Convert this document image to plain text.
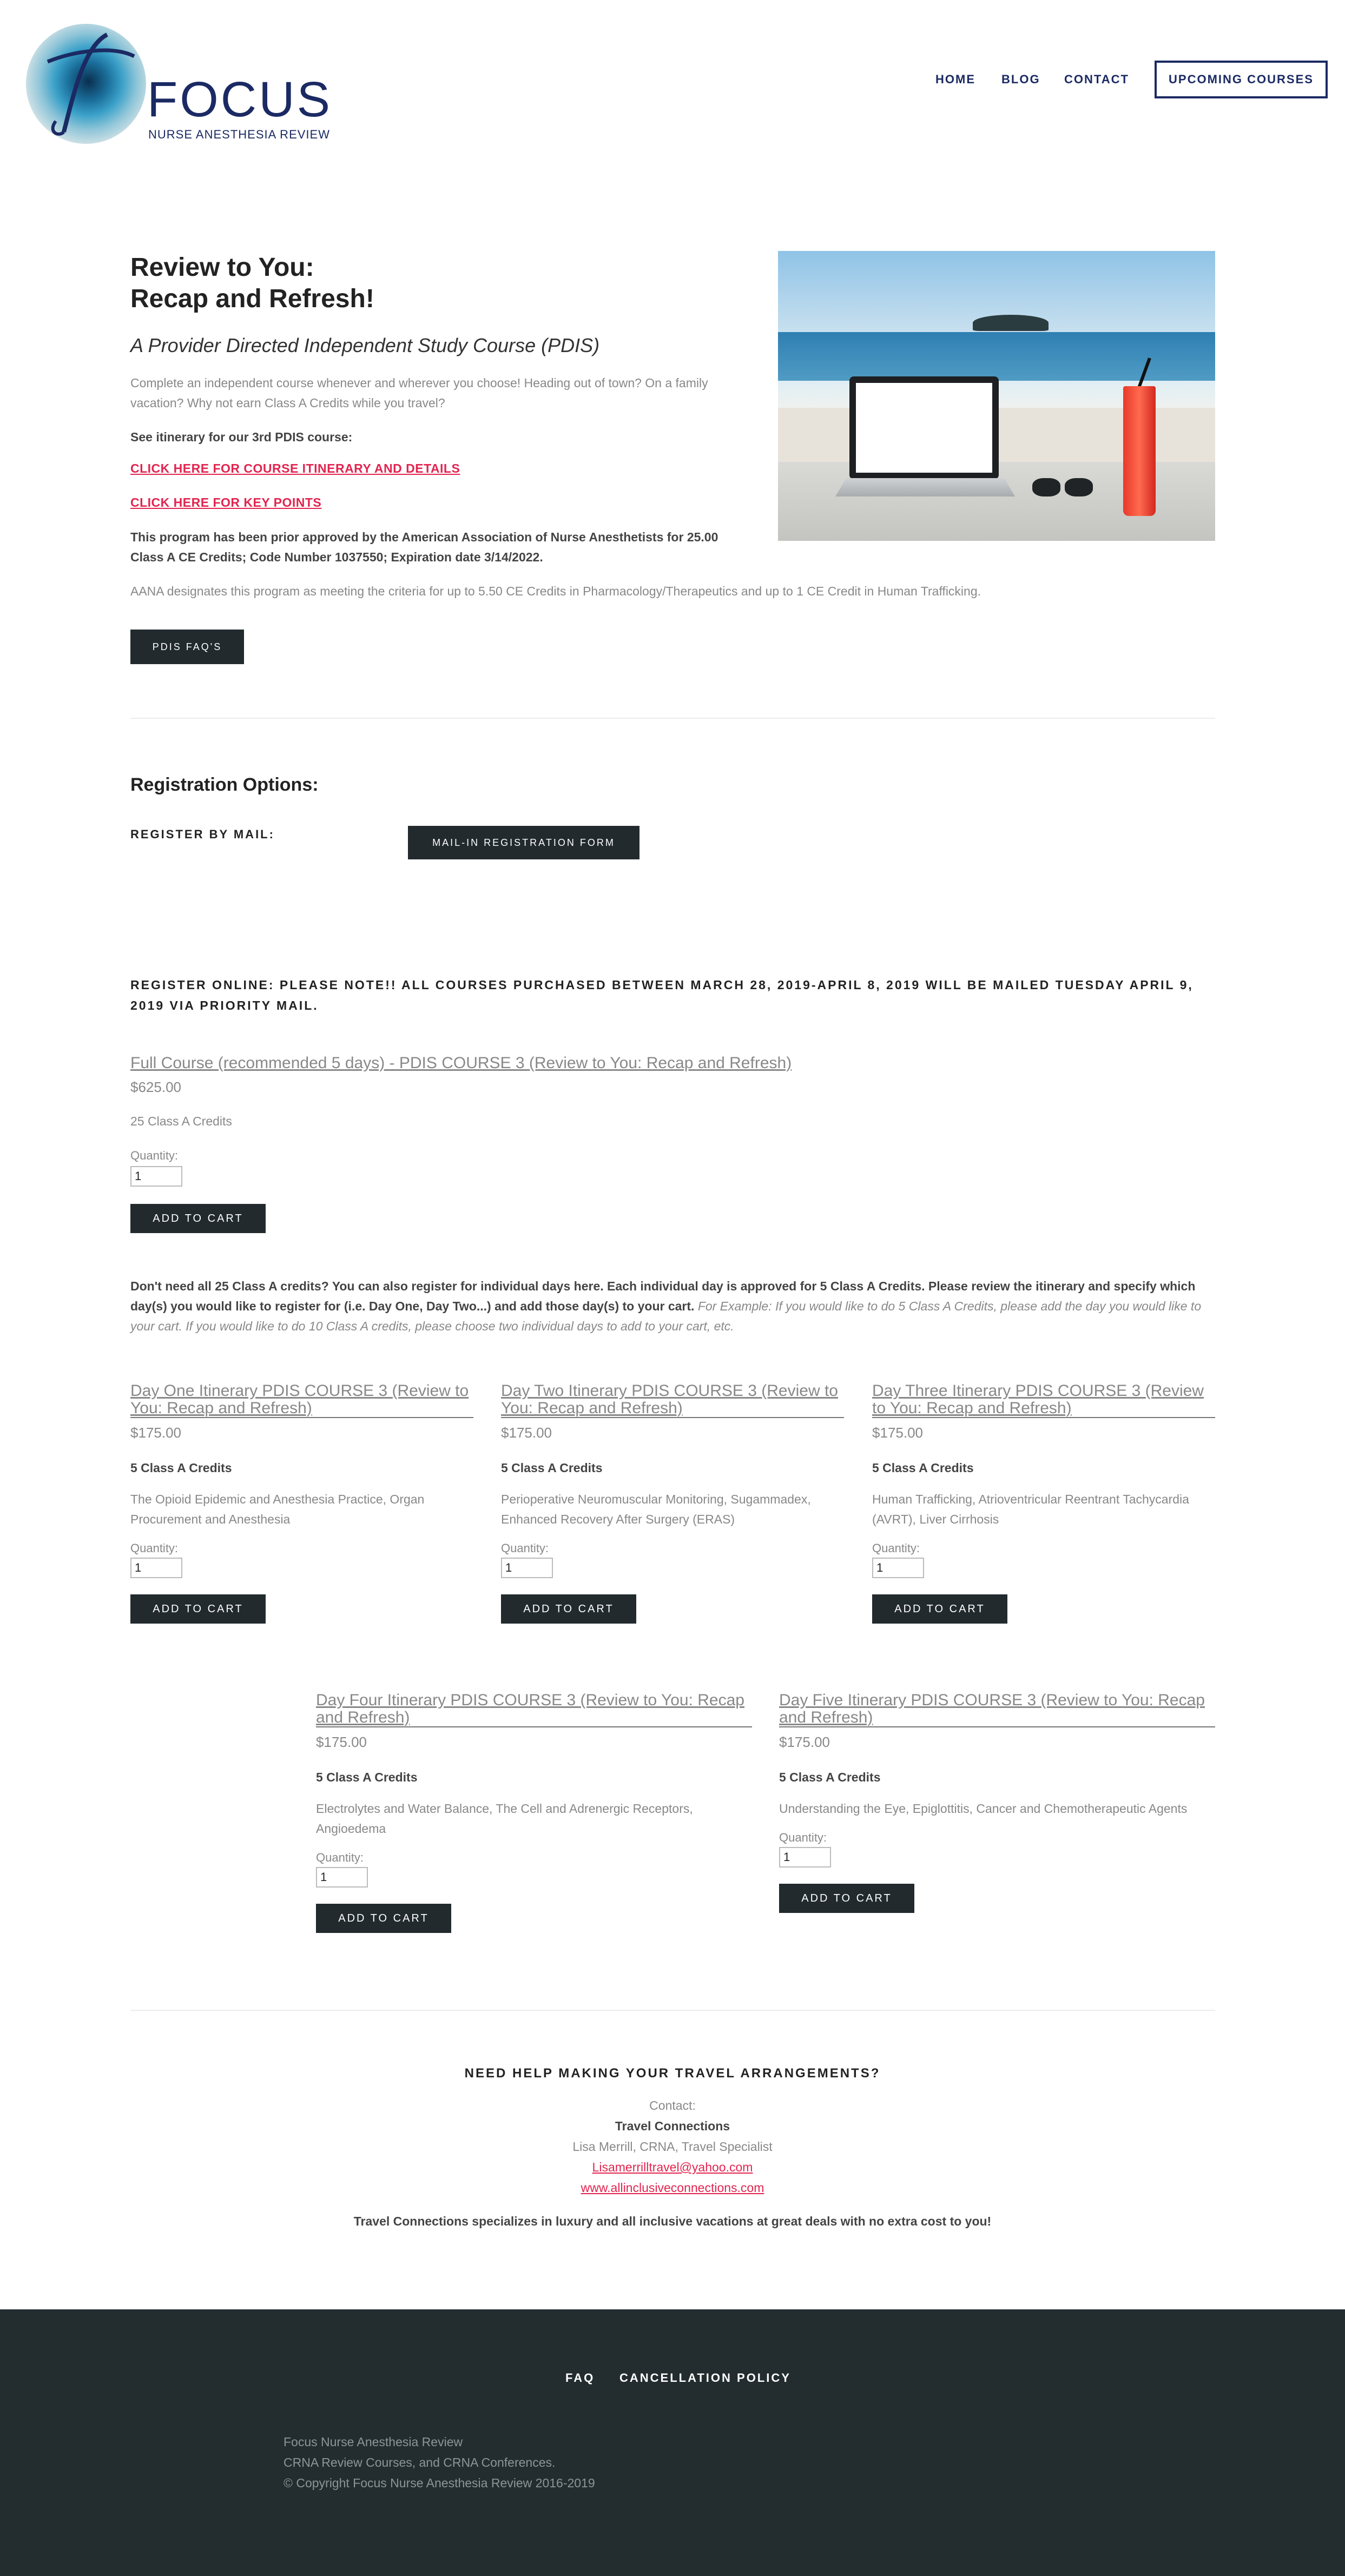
FOCUS
NURSE ANESTHESIA REVIEW
HOME BLOG CONTACT	UPCOMING COURSES
Review to You:
Recap and Refresh!
A Provider Directed Independent Study Course (PDIS)
Complete an independent course whenever and wherever you choose! Heading out of town? On a family vacation? Why not earn Class A Credits while you travel?
See itinerary for our 3rd PDIS course:
CLICK HERE FOR COURSE ITINERARY AND DETAILS
CLICK HERE FOR KEY POINTS
This program has been prior approved by the American Association of Nurse Anesthetists for 25.00 Class A CE Credits; Code Number 1037550; Expiration date 3/14/2022.
AANA designates this program as meeting the criteria for up to 5.50 CE Credits in Pharmacology/Therapeutics and up to 1 CE Credit in Human Trafficking.
PDIS FAQ'S
Registration Options:
REGISTER BY MAIL:
MAIL-IN REGISTRATION FORM
REGISTER ONLINE: PLEASE NOTE!! ALL COURSES PURCHASED BETWEEN MARCH 28, 2019-APRIL 8, 2019 WILL BE MAILED TUESDAY APRIL 9, 2019 VIA PRIORITY MAIL.
Full Course (recommended 5 days) - PDIS COURSE 3 (Review to You: Recap and Refresh)
$625.00
25 Class A Credits
Quantity:
1
ADD TO CART
Don't need all 25 Class A credits? You can also register for individual days here. Each individual day is approved for 5 Class A Credits. Please review the itinerary and specify which day(s) you would like to register for (i.e. Day One, Day Two...) and add those day(s) to your cart. For Example: If you would like to do 5 Class A Credits, please add the day you would like to your cart. If you would like to do 10 Class A credits, please choose two individual days to add to your cart, etc.
Day One Itinerary PDIS COURSE 3 (Review to You: Recap and Refresh)
$175.00
5 Class A Credits
The Opioid Epidemic and Anesthesia Practice, Organ Procurement and Anesthesia
Quantity:
1
ADD TO CART
Day Two Itinerary PDIS COURSE 3 (Review to You: Recap and Refresh)
$175.00
5 Class A Credits
Perioperative Neuromuscular Monitoring, Sugammadex, Enhanced Recovery After Surgery (ERAS)
Quantity:
1
ADD TO CART
Day Three Itinerary PDIS COURSE 3 (Review to You: Recap and Refresh)
$175.00
5 Class A Credits
Human Trafficking, Atrioventricular Reentrant Tachycardia (AVRT), Liver Cirrhosis
Quantity:
1
ADD TO CART
Day Four Itinerary PDIS COURSE 3 (Review to You: Recap and Refresh)
$175.00
5 Class A Credits
Electrolytes and Water Balance, The Cell and Adrenergic Receptors, Angioedema
Quantity:
1
ADD TO CART
Day Five Itinerary PDIS COURSE 3 (Review to You: Recap and Refresh)
$175.00
5 Class A Credits
Understanding the Eye, Epiglottitis, Cancer and Chemotherapeutic Agents
Quantity:
1
ADD TO CART
NEED HELP MAKING YOUR TRAVEL ARRANGEMENTS?
Contact:
Travel Connections
Lisa Merrill, CRNA, Travel Specialist
Lisamerrilltravel@yahoo.com
www.allinclusiveconnections.com
Travel Connections specializes in luxury and all inclusive vacations at great deals with no extra cost to you!
FAQ CANCELLATION POLICY
Focus Nurse Anesthesia Review
CRNA Review Courses, and CRNA Conferences.
© Copyright Focus Nurse Anesthesia Review 2016-2019
